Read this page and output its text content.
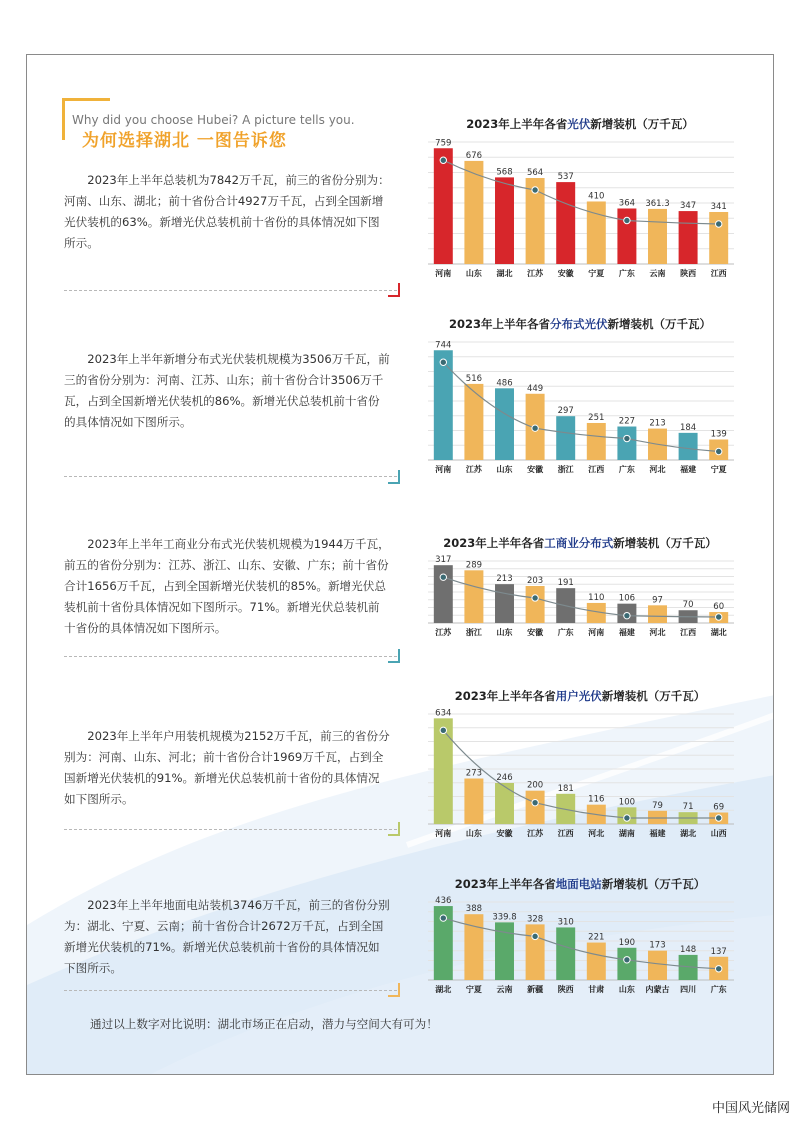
Why did you choose Hubei? A picture tells you.
为何选择湖北 一图告诉您

2023年上半年总装机为7842万千瓦，前三的省份分别为：河南、山东、湖北；前十省份合计4927万千瓦，占到全国新增光伏装机的63%。新增光伏总装机前十省份的具体情况如下图所示。

2023年上半年新增分布式光伏装机规模为3506万千瓦，前三的省份分别为：河南、江苏、山东；前十省份合计3506万千瓦，占到全国新增光伏装机的86%。新增光伏总装机前十省份的具体情况如下图所示。

2023年上半年工商业分布式光伏装机规模为1944万千瓦，前五的省份分别为：江苏、浙江、山东、安徽、广东；前十省份合计1656万千瓦，占到全国新增光伏装机的85%。新增光伏总装机前十省份具体情况如下图所示。71%。新增光伏总装机前十省份的具体情况如下图所示。

2023年上半年户用装机规模为2152万千瓦，前三的省份分别为：河南、山东、河北；前十省份合计1969万千瓦，占到全国新增光伏装机的91%。新增光伏总装机前十省份的具体情况如下图所示。

2023年上半年地面电站装机3746万千瓦，前三的省份分别为：湖北、宁夏、云南；前十省份合计2672万千瓦，占到全国新增光伏装机的71%。新增光伏总装机前十省份的具体情况如下图所示。

通过以上数字对比说明：湖北市场正在启动，潜力与空间大有可为！
2023年上半年各省光伏新增装机（万千瓦）
759
河南
676
山东
568
湖北
564
江苏
537
安徽
410
宁夏
364
广东
361.3
云南
347
陕西
341
江西
2023年上半年各省分布式光伏新增装机（万千瓦）
744
河南
516
江苏
486
山东
449
安徽
297
浙江
251
江西
227
广东
213
河北
184
福建
139
宁夏
2023年上半年各省工商业分布式新增装机（万千瓦）
317
江苏
289
浙江
213
山东
203
安徽
191
广东
110
河南
106
福建
97
河北
70
江西
60
湖北
2023年上半年各省用户光伏新增装机（万千瓦）
634
河南
273
山东
246
安徽
200
江苏
181
江西
116
河北
100
湖南
79
福建
71
湖北
69
山西
2023年上半年各省地面电站新增装机（万千瓦）
436
湖北
388
宁夏
339.8
云南
328
新疆
310
陕西
221
甘肃
190
山东
173
内蒙古
148
四川
137
广东
中国风光储网
